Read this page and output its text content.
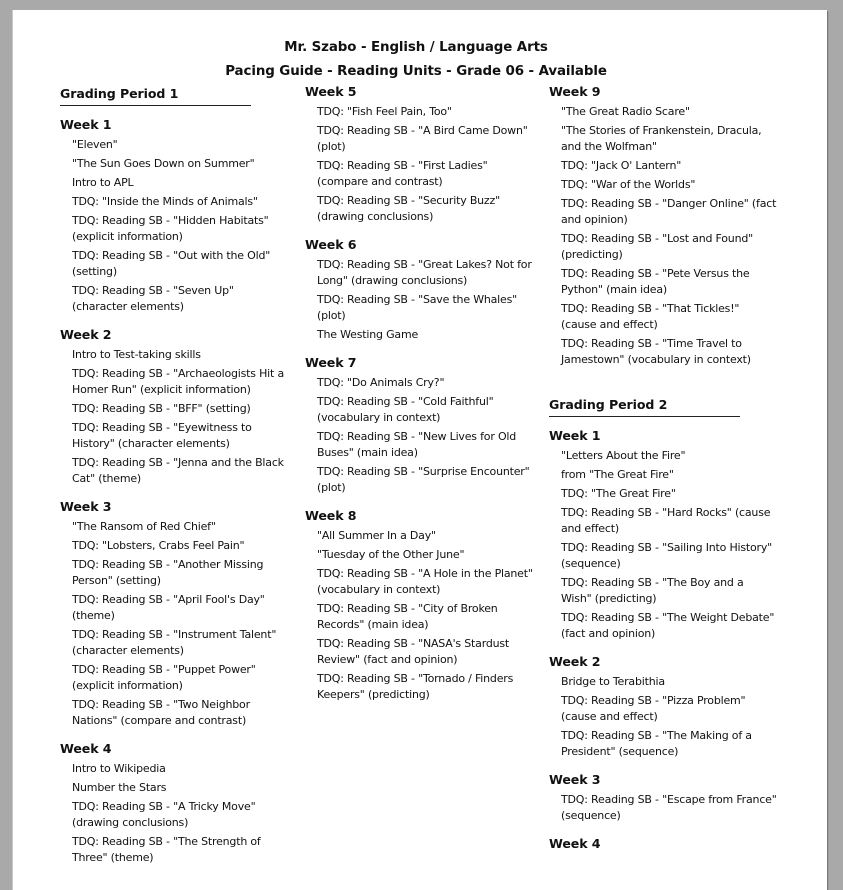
Mr. Szabo - English / Language Arts
Pacing Guide - Reading Units - Grade 06 - Available
Grading Period 1
Week 1
"Eleven"
"The Sun Goes Down on Summer"
Intro to APL
TDQ: "Inside the Minds of Animals"
TDQ: Reading SB - "Hidden Habitats" (explicit information)
TDQ: Reading SB - "Out with the Old" (setting)
TDQ: Reading SB - "Seven Up" (character elements)
Week 2
Intro to Test-taking skills
TDQ: Reading SB - "Archaeologists Hit a Homer Run" (explicit information)
TDQ: Reading SB - "BFF" (setting)
TDQ: Reading SB - "Eyewitness to History" (character elements)
TDQ: Reading SB - "Jenna and the Black Cat" (theme)
Week 3
"The Ransom of Red Chief"
TDQ: "Lobsters, Crabs Feel Pain"
TDQ: Reading SB - "Another Missing Person" (setting)
TDQ: Reading SB - "April Fool's Day" (theme)
TDQ: Reading SB - "Instrument Talent" (character elements)
TDQ: Reading SB - "Puppet Power" (explicit information)
TDQ: Reading SB - "Two Neighbor Nations" (compare and contrast)
Week 4
Intro to Wikipedia
Number the Stars
TDQ: Reading SB - "A Tricky Move" (drawing conclusions)
TDQ: Reading SB - "The Strength of Three" (theme)
Week 5
TDQ: "Fish Feel Pain, Too"
TDQ: Reading SB - "A Bird Came Down" (plot)
TDQ: Reading SB - "First Ladies" (compare and contrast)
TDQ: Reading SB - "Security Buzz" (drawing conclusions)
Week 6
TDQ: Reading SB - "Great Lakes? Not for Long" (drawing conclusions)
TDQ: Reading SB - "Save the Whales" (plot)
The Westing Game
Week 7
TDQ: "Do Animals Cry?"
TDQ: Reading SB - "Cold Faithful" (vocabulary in context)
TDQ: Reading SB - "New Lives for Old Buses" (main idea)
TDQ: Reading SB - "Surprise Encounter" (plot)
Week 8
"All Summer In a Day"
"Tuesday of the Other June"
TDQ: Reading SB - "A Hole in the Planet" (vocabulary in context)
TDQ: Reading SB - "City of Broken Records" (main idea)
TDQ: Reading SB - "NASA's Stardust Review" (fact and opinion)
TDQ: Reading SB - "Tornado / Finders Keepers" (predicting)
Week 9
"The Great Radio Scare"
"The Stories of Frankenstein, Dracula, and the Wolfman"
TDQ: "Jack O' Lantern"
TDQ: "War of the Worlds"
TDQ: Reading SB - "Danger Online" (fact and opinion)
TDQ: Reading SB - "Lost and Found" (predicting)
TDQ: Reading SB - "Pete Versus the Python" (main idea)
TDQ: Reading SB - "That Tickles!" (cause and effect)
TDQ: Reading SB - "Time Travel to Jamestown" (vocabulary in context)
Grading Period 2
Week 1
"Letters About the Fire"
from "The Great Fire"
TDQ: "The Great Fire"
TDQ: Reading SB - "Hard Rocks" (cause and effect)
TDQ: Reading SB - "Sailing Into History" (sequence)
TDQ: Reading SB - "The Boy and a Wish" (predicting)
TDQ: Reading SB - "The Weight Debate" (fact and opinion)
Week 2
Bridge to Terabithia
TDQ: Reading SB - "Pizza Problem" (cause and effect)
TDQ: Reading SB - "The Making of a President" (sequence)
Week 3
TDQ: Reading SB - "Escape from France" (sequence)
Week 4
